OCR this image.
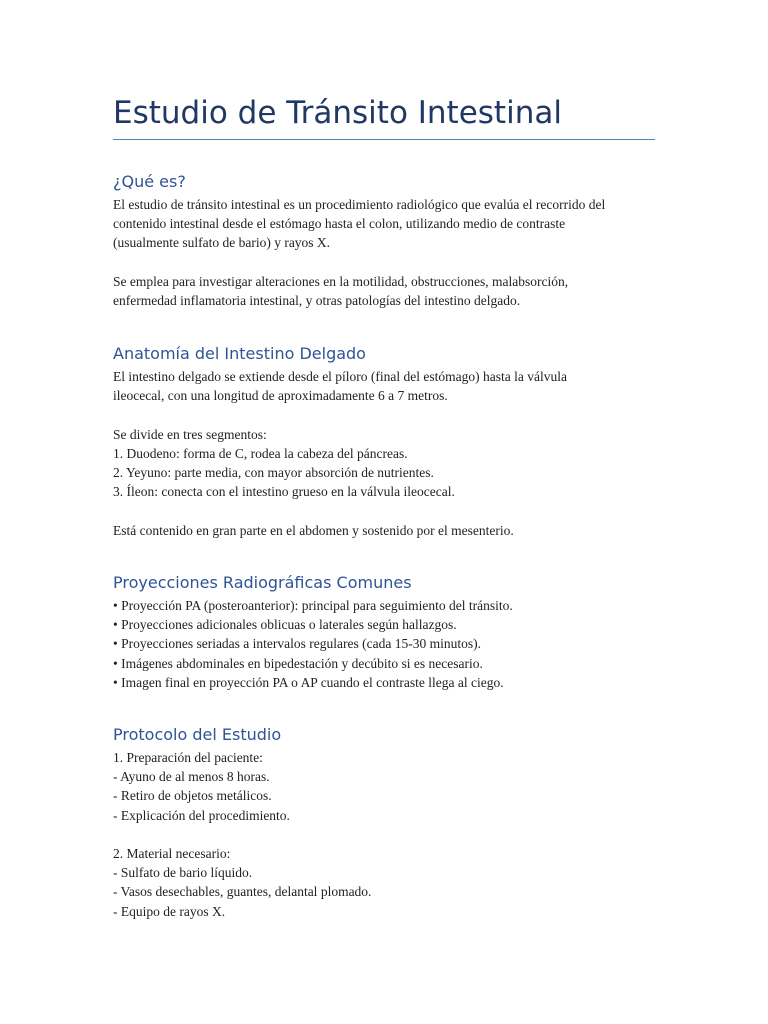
Estudio de Tránsito Intestinal
¿Qué es?
El estudio de tránsito intestinal es un procedimiento radiológico que evalúa el recorrido del
contenido intestinal desde el estómago hasta el colon, utilizando medio de contraste
(usualmente sulfato de bario) y rayos X.
Se emplea para investigar alteraciones en la motilidad, obstrucciones, malabsorción,
enfermedad inflamatoria intestinal, y otras patologías del intestino delgado.
Anatomía del Intestino Delgado
El intestino delgado se extiende desde el píloro (final del estómago) hasta la válvula
ileocecal, con una longitud de aproximadamente 6 a 7 metros.
Se divide en tres segmentos:
1. Duodeno: forma de C, rodea la cabeza del páncreas.
2. Yeyuno: parte media, con mayor absorción de nutrientes.
3. Íleon: conecta con el intestino grueso en la válvula ileocecal.
Está contenido en gran parte en el abdomen y sostenido por el mesenterio.
Proyecciones Radiográficas Comunes
• Proyección PA (posteroanterior): principal para seguimiento del tránsito.
• Proyecciones adicionales oblicuas o laterales según hallazgos.
• Proyecciones seriadas a intervalos regulares (cada 15-30 minutos).
• Imágenes abdominales en bipedestación y decúbito si es necesario.
• Imagen final en proyección PA o AP cuando el contraste llega al ciego.
Protocolo del Estudio
1. Preparación del paciente:
- Ayuno de al menos 8 horas.
- Retiro de objetos metálicos.
- Explicación del procedimiento.
2. Material necesario:
- Sulfato de bario líquido.
- Vasos desechables, guantes, delantal plomado.
- Equipo de rayos X.
